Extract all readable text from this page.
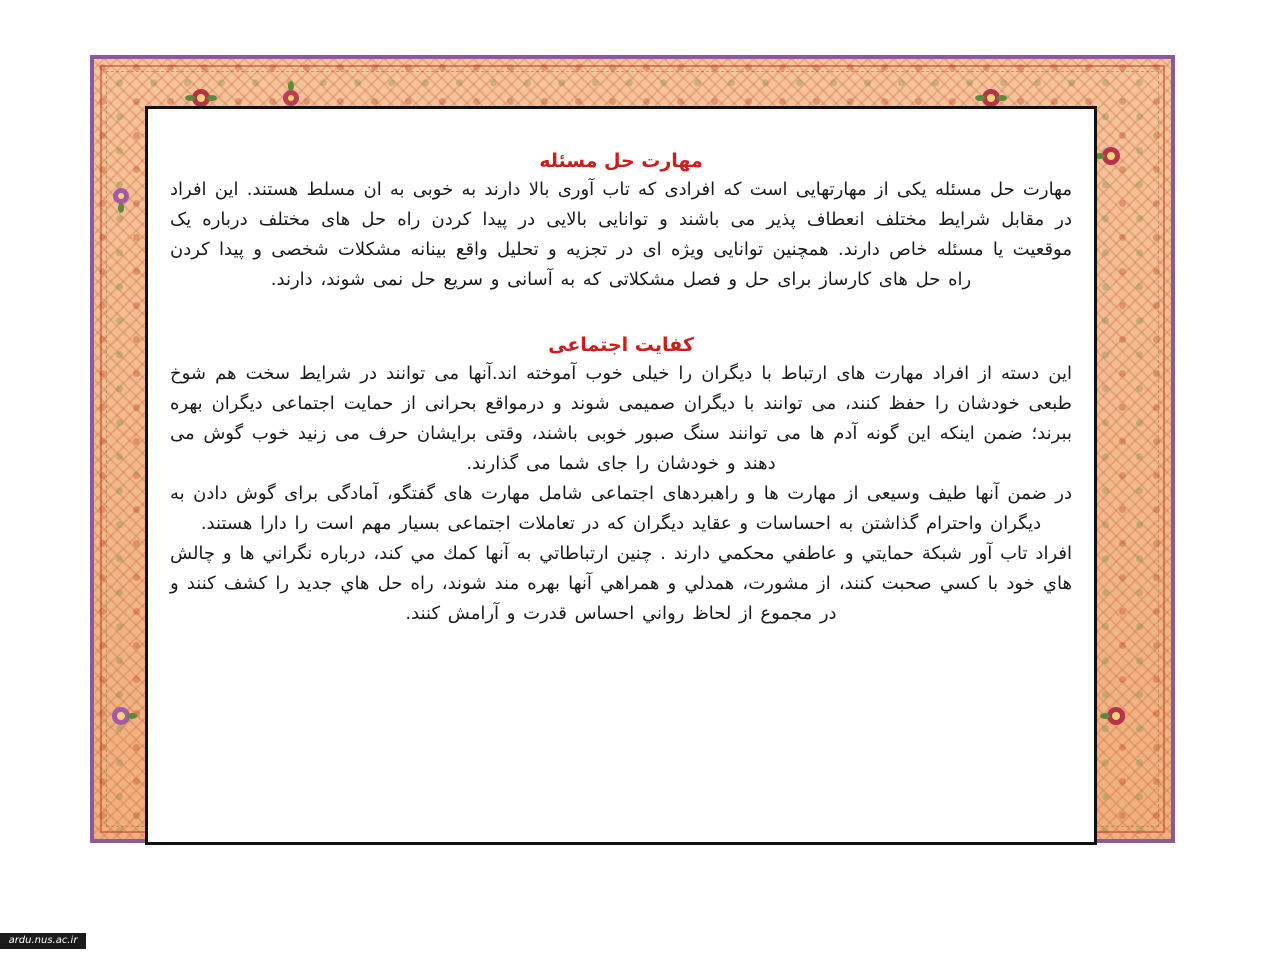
مهارت حل مسئله

مهارت حل مسئله یکی از مهارتهایی است که افرادی که تاب آوری بالا دارند به خوبی به ان مسلط هستند. این افراد در مقابل شرایط مختلف انعطاف پذیر می باشند و توانایی بالایی در پیدا کردن راه حل های مختلف درباره یک موقعیت یا مسئله خاص دارند. همچنین توانایی ویژه ای در تجزیه و تحلیل واقع بینانه مشکلات شخصی و پیدا کردن راه حل های کارساز برای حل و فصل مشکلاتی که به آسانی و سریع حل نمی شوند، دارند.

کفایت اجتماعی

این دسته از افراد مهارت های ارتباط با دیگران را خیلی خوب آموخته اند.آنها می توانند در شرایط سخت هم شوخ طبعی خودشان را حفظ کنند، می توانند با دیگران صمیمی شوند و درمواقع بحرانی از حمایت اجتماعی دیگران بهره ببرند؛ ضمن اینکه این گونه آدم ها می توانند سنگ صبور خوبی باشند، وقتی برایشان حرف می زنید خوب گوش می دهند و خودشان را جای شما می گذارند.

در ضمن آنها طیف وسیعی از مهارت ها و راهبردهای اجتماعی شامل مهارت های گفتگو، آمادگی برای گوش دادن به دیگران واحترام گذاشتن به احساسات و عقاید دیگران که در تعاملات اجتماعی بسیار مهم است را دارا هستند.

افراد تاب آور شبكة حمايتي و عاطفي محكمي دارند . چنين ارتباطاتي به آنها كمك مي كند، درباره نگراني ها و چالش هاي خود با كسي صحبت كنند، از مشورت، همدلي و همراهي آنها بهره مند شوند، راه حل هاي جديد را كشف كنند و در مجموع از لحاظ رواني احساس قدرت و آرامش كنند.

ardu.nus.ac.ir
